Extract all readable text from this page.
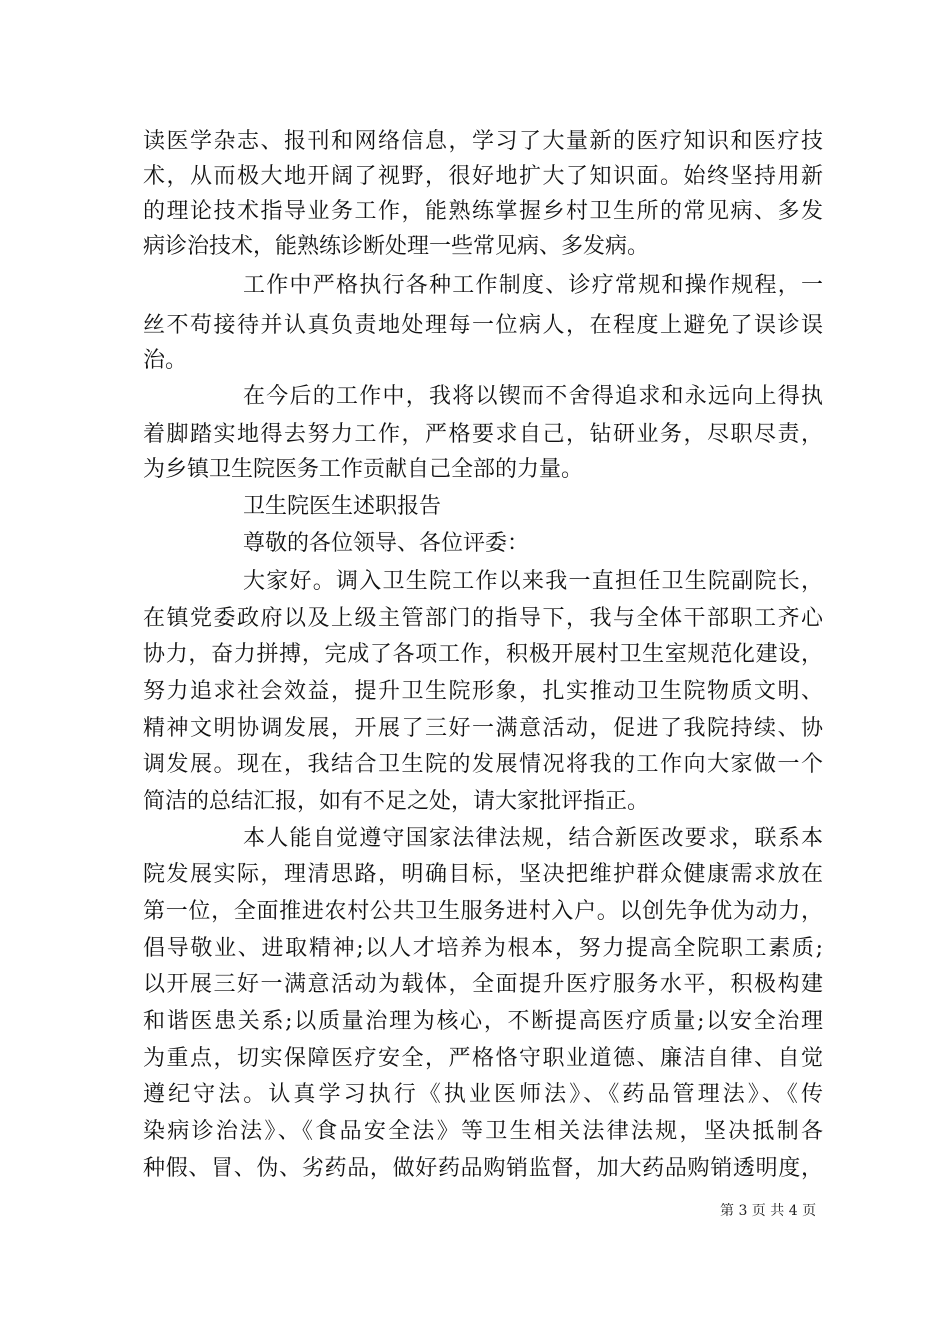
读医学杂志、报刊和网络信息，学习了大量新的医疗知识和医疗技
术，从而极大地开阔了视野，很好地扩大了知识面。始终坚持用新
的理论技术指导业务工作，能熟练掌握乡村卫生所的常见病、多发
病诊治技术，能熟练诊断处理一些常见病、多发病。
工作中严格执行各种工作制度、诊疗常规和操作规程，一
丝不苟接待并认真负责地处理每一位病人，在程度上避免了误诊误
治。
在今后的工作中，我将以锲而不舍得追求和永远向上得执
着脚踏实地得去努力工作，严格要求自己，钻研业务，尽职尽责，
为乡镇卫生院医务工作贡献自己全部的力量。
卫生院医生述职报告
尊敬的各位领导、各位评委：
大家好。调入卫生院工作以来我一直担任卫生院副院长，
在镇党委政府以及上级主管部门的指导下，我与全体干部职工齐心
协力，奋力拼搏，完成了各项工作，积极开展村卫生室规范化建设，
努力追求社会效益，提升卫生院形象，扎实推动卫生院物质文明、
精神文明协调发展，开展了三好一满意活动，促进了我院持续、协
调发展。现在，我结合卫生院的发展情况将我的工作向大家做一个
简洁的总结汇报，如有不足之处，请大家批评指正。
本人能自觉遵守国家法律法规，结合新医改要求，联系本
院发展实际，理清思路，明确目标，坚决把维护群众健康需求放在
第一位，全面推进农村公共卫生服务进村入户。以创先争优为动力，
倡导敬业、进取精神;以人才培养为根本，努力提高全院职工素质;
以开展三好一满意活动为载体，全面提升医疗服务水平，积极构建
和谐医患关系;以质量治理为核心，不断提高医疗质量;以安全治理
为重点，切实保障医疗安全，严格恪守职业道德、廉洁自律、自觉
遵纪守法。认真学习执行《执业医师法》、《药品管理法》、《传
染病诊治法》、《食品安全法》等卫生相关法律法规，坚决抵制各
种假、冒、伪、劣药品，做好药品购销监督，加大药品购销透明度，
第 3 页 共 4 页
